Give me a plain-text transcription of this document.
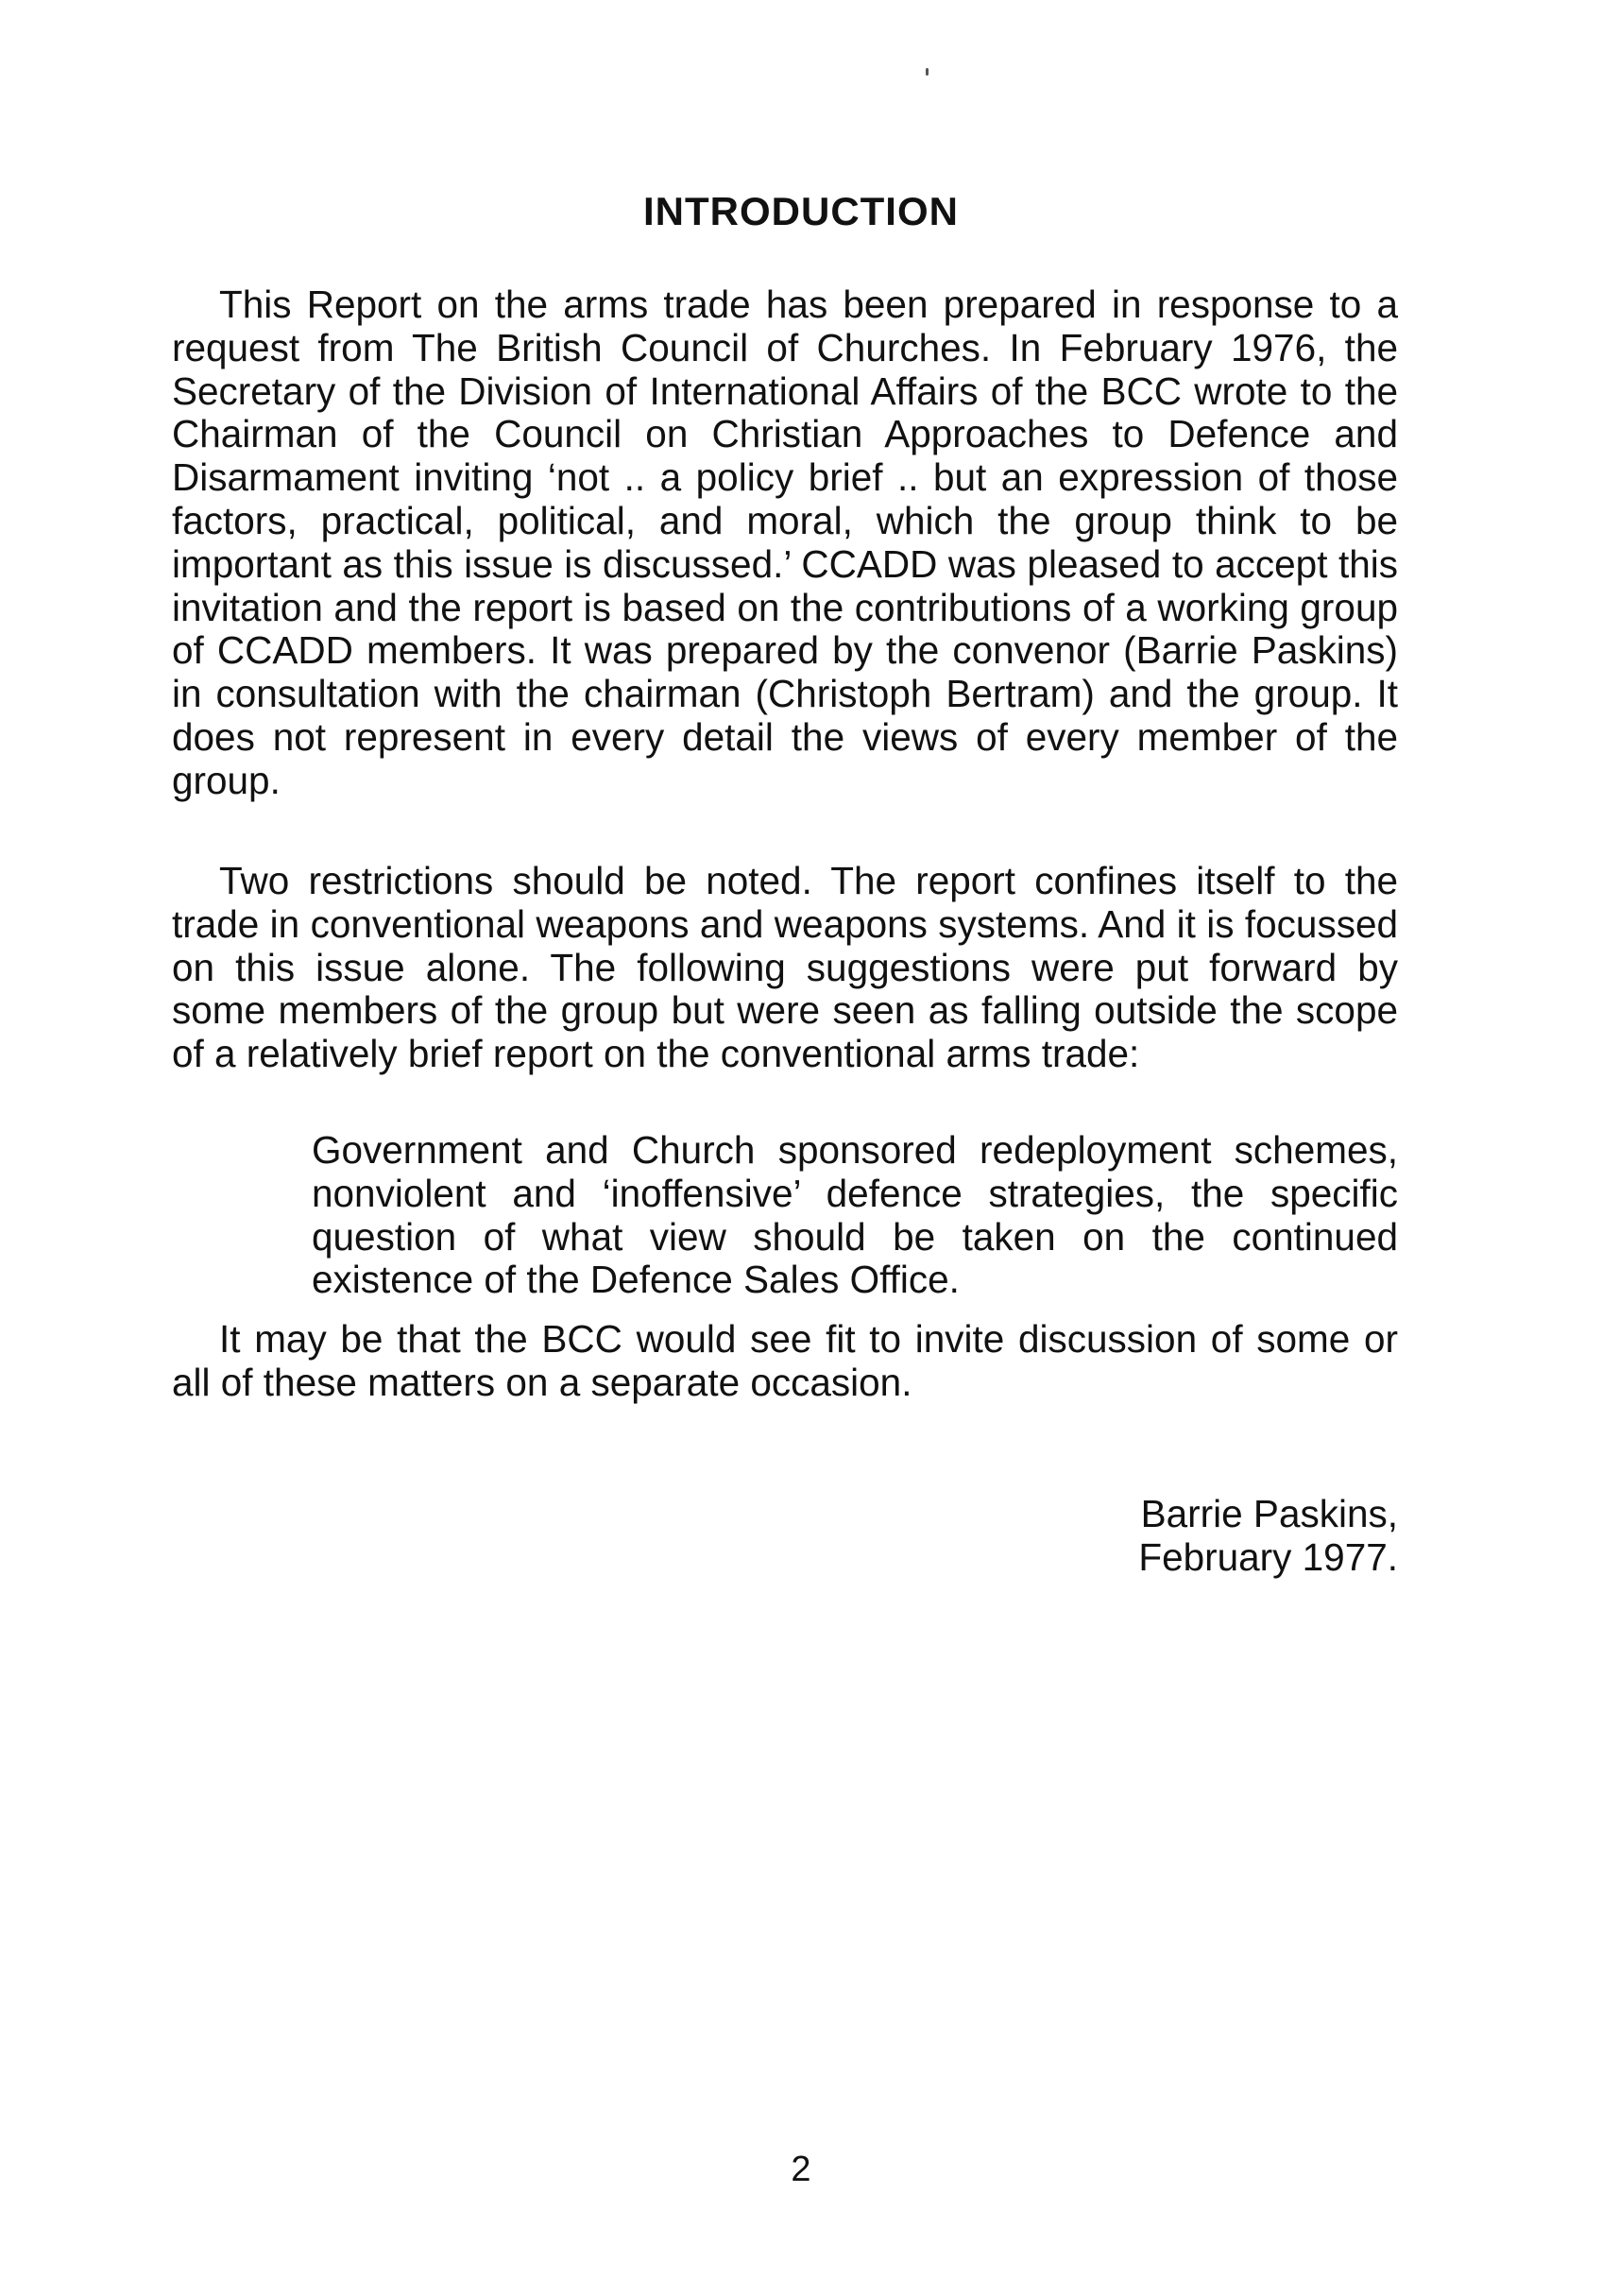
INTRODUCTION

This Report on the arms trade has been prepared in response to a request from The British Council of Churches. In February 1976, the Secretary of the Division of International Affairs of the BCC wrote to the Chairman of the Council on Christian Approaches to Defence and Disarmament inviting ‘not .. a policy brief .. but an expression of those factors, practical, political, and moral, which the group think to be important as this issue is discussed.’ CCADD was pleased to accept this invitation and the report is based on the contributions of a working group of CCADD members. It was prepared by the convenor (Barrie Paskins) in consultation with the chairman (Christoph Bertram) and the group. It does not represent in every detail the views of every member of the group.

Two restrictions should be noted. The report confines itself to the trade in conventional weapons and weapons systems. And it is focussed on this issue alone. The following suggestions were put forward by some members of the group but were seen as falling outside the scope of a relatively brief report on the conventional arms trade:

Government and Church sponsored redeployment schemes, nonviolent and ‘inoffensive’ defence strategies, the specific question of what view should be taken on the continued existence of the Defence Sales Office.

It may be that the BCC would see fit to invite discussion of some or all of these matters on a separate occasion.

Barrie Paskins,
February 1977.

2
